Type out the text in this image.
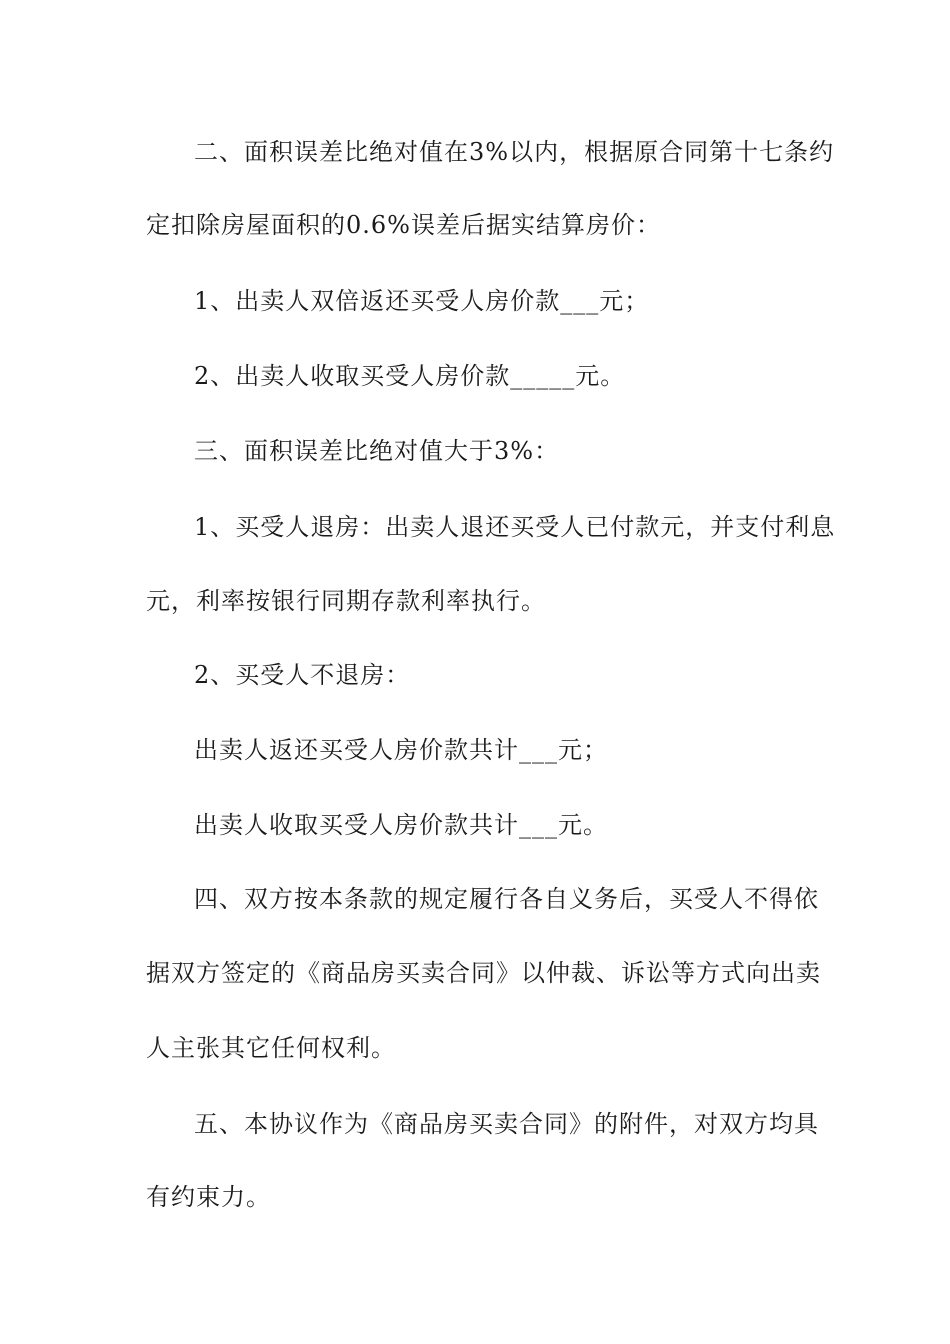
二、面积误差比绝对值在3%以内，根据原合同第十七条约
定扣除房屋面积的0.6%误差后据实结算房价：
1、出卖人双倍返还买受人房价款___元；
2、出卖人收取买受人房价款_____元。
三、面积误差比绝对值大于3%：
1、买受人退房：出卖人退还买受人已付款元，并支付利息
元，利率按银行同期存款利率执行。
2、买受人不退房：
出卖人返还买受人房价款共计___元；
出卖人收取买受人房价款共计___元。
四、双方按本条款的规定履行各自义务后，买受人不得依
据双方签定的《商品房买卖合同》以仲裁、诉讼等方式向出卖
人主张其它任何权利。
五、本协议作为《商品房买卖合同》的附件，对双方均具
有约束力。
